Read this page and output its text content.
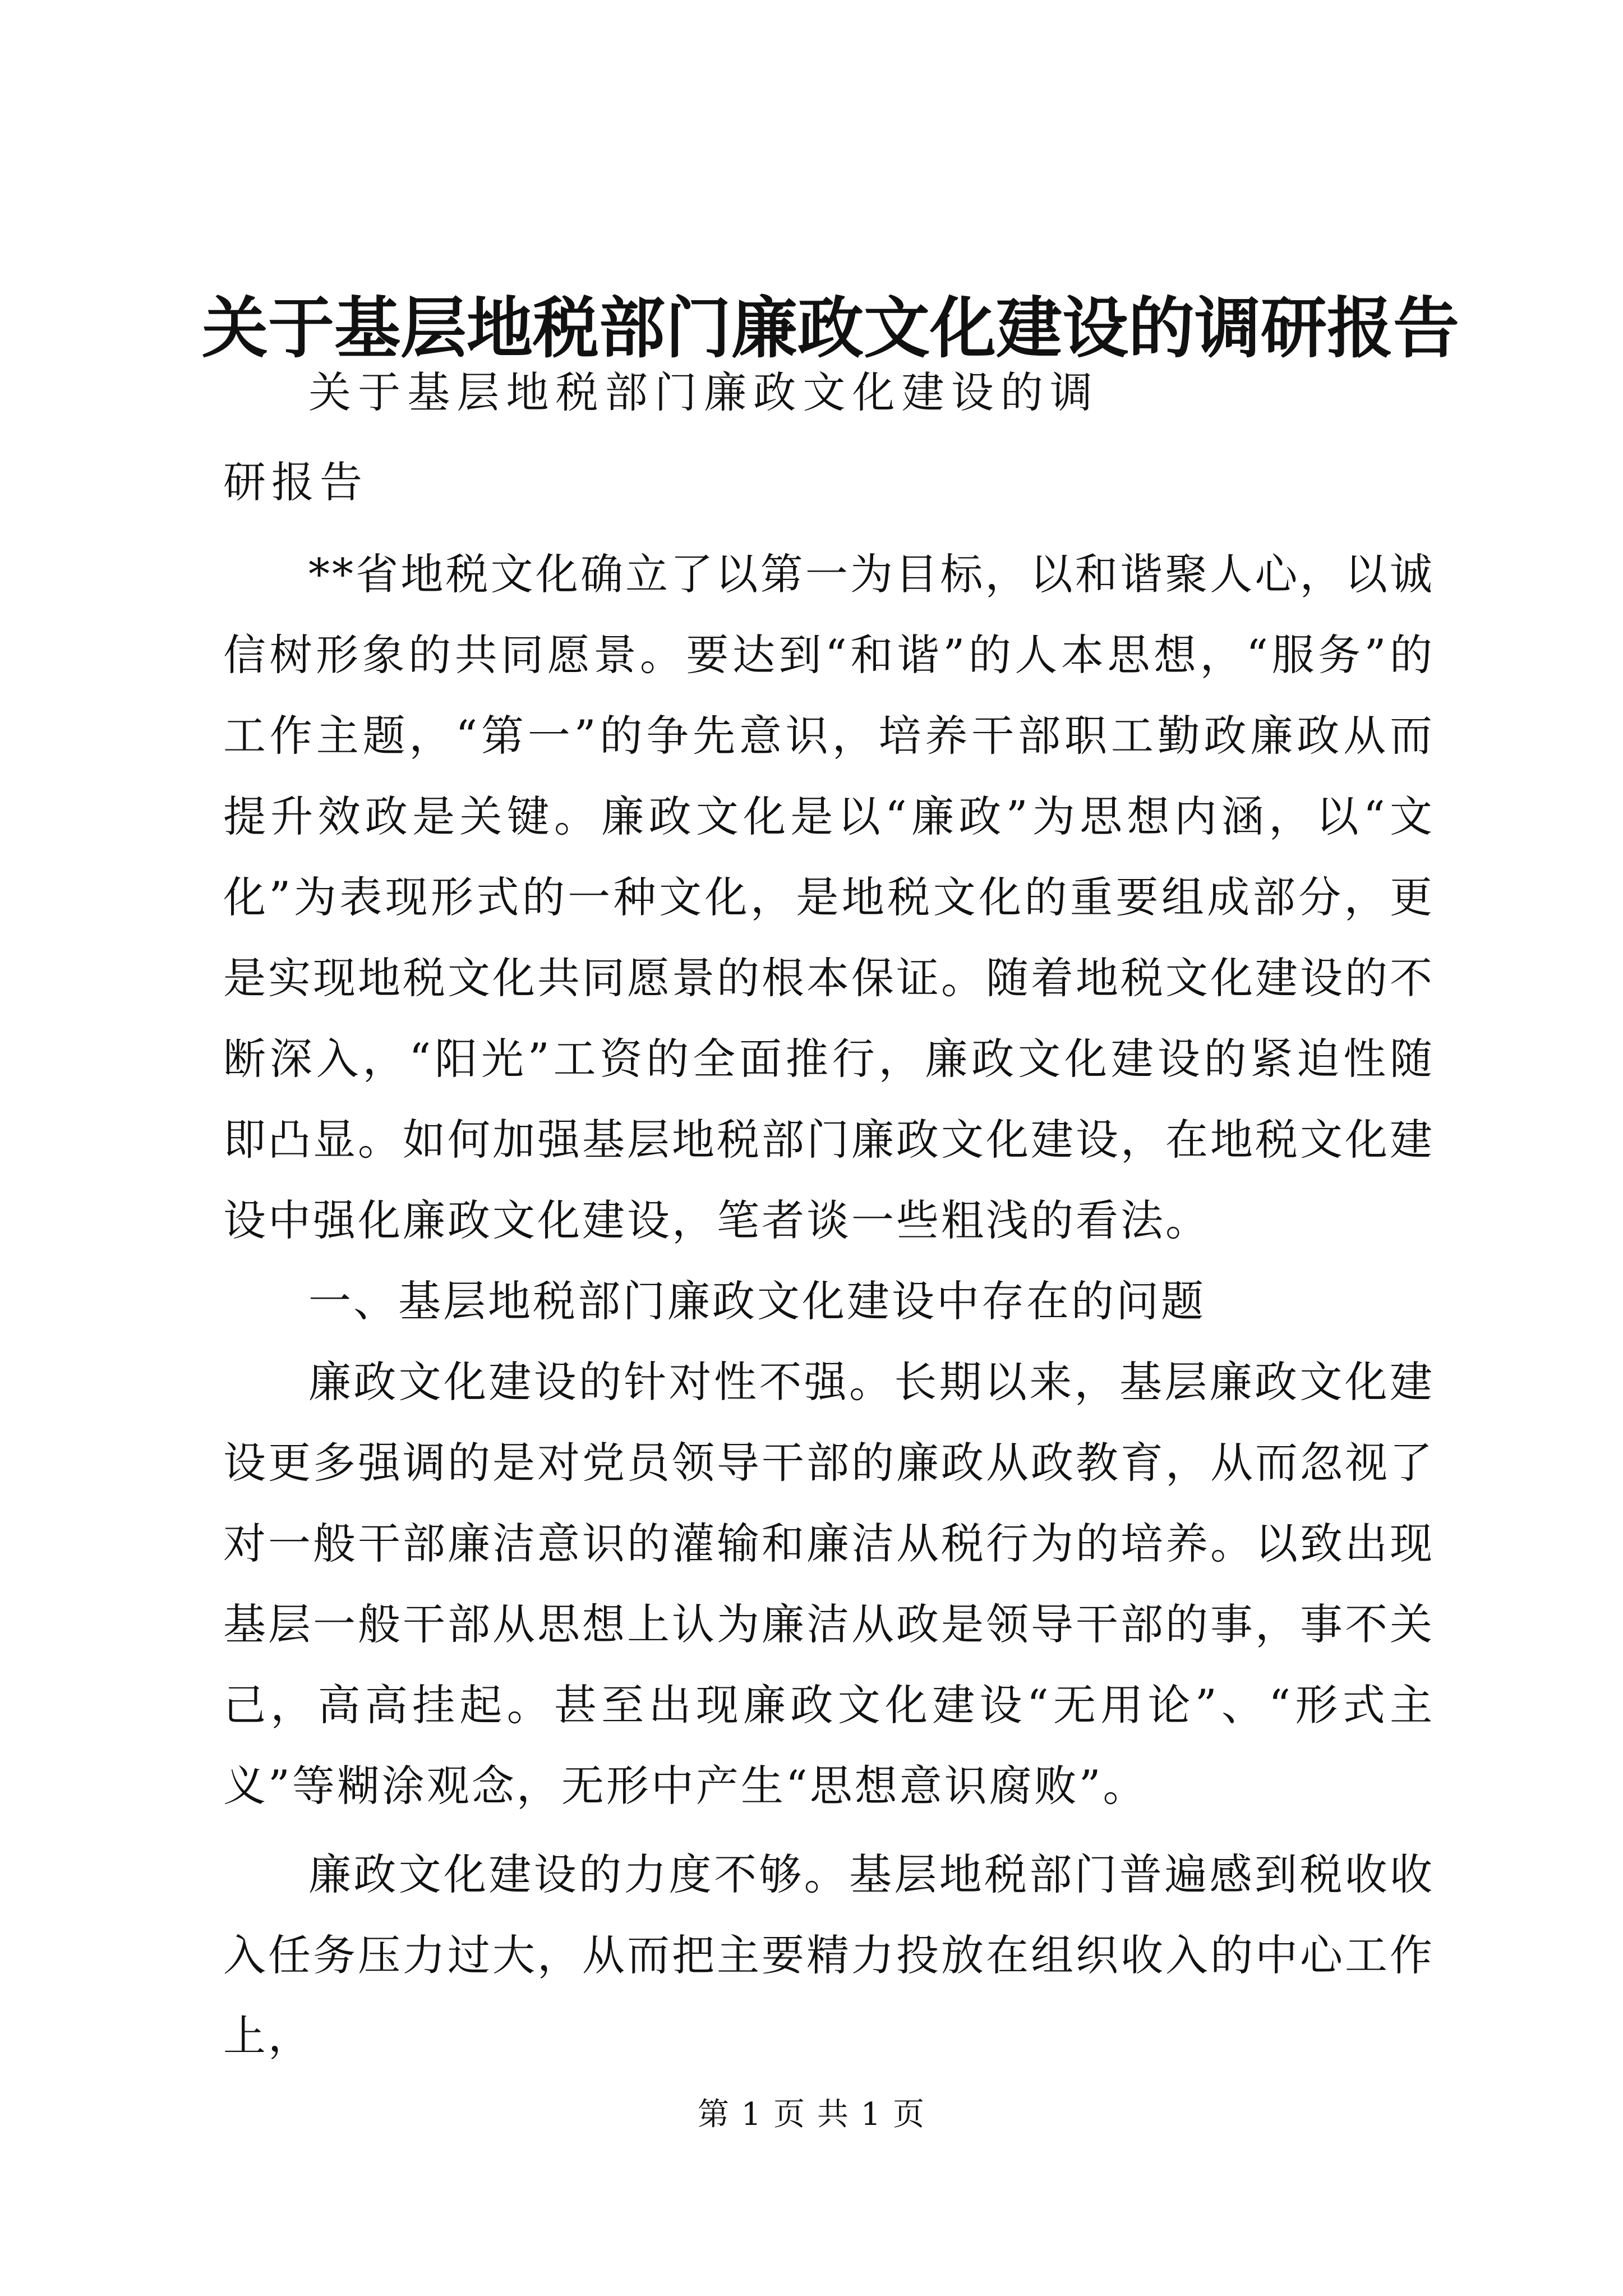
关于基层地税部门廉政文化建设的调研报告

关于基层地税部门廉政文化建设的调研报告

**省地税文化确立了以第一为目标，以和谐聚人心，以诚信树形象的共同愿景。要达到“和谐”的人本思想，“服务”的工作主题，“第一”的争先意识，培养干部职工勤政廉政从而提升效政是关键。廉政文化是以“廉政”为思想内涵，以“文化”为表现形式的一种文化，是地税文化的重要组成部分，更是实现地税文化共同愿景的根本保证。随着地税文化建设的不断深入，“阳光”工资的全面推行，廉政文化建设的紧迫性随即凸显。如何加强基层地税部门廉政文化建设，在地税文化建设中强化廉政文化建设，笔者谈一些粗浅的看法。

一、基层地税部门廉政文化建设中存在的问题

廉政文化建设的针对性不强。长期以来，基层廉政文化建设更多强调的是对党员领导干部的廉政从政教育，从而忽视了对一般干部廉洁意识的灌输和廉洁从税行为的培养。以致出现基层一般干部从思想上认为廉洁从政是领导干部的事，事不关己，高高挂起。甚至出现廉政文化建设“无用论”、“形式主义”等糊涂观念，无形中产生“思想意识腐败”。

廉政文化建设的力度不够。基层地税部门普遍感到税收收入任务压力过大，从而把主要精力投放在组织收入的中心工作上，

第 1 页 共 1 页
